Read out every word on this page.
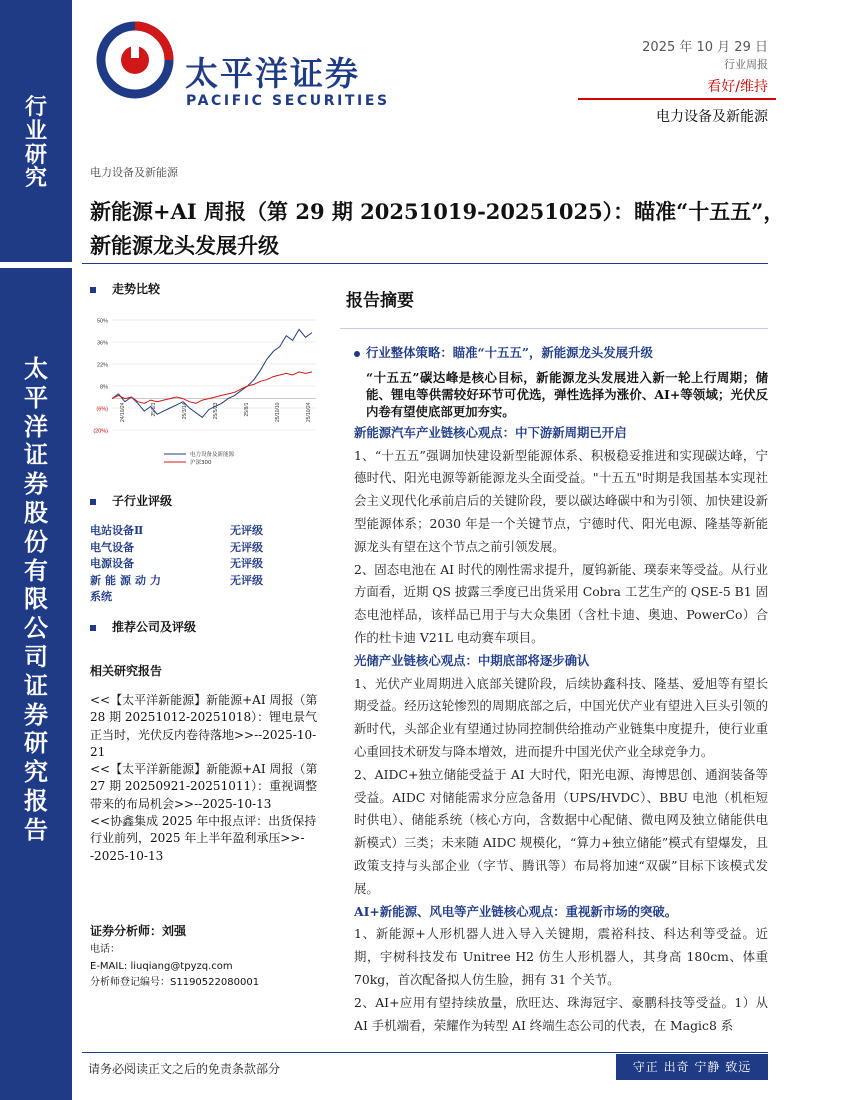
行
业
研
究
太
平
洋
证
券
股
份
有
限
公
司
证
券
研
究
报
告
太平洋证券
PACIFIC SECURITIES
2025 年 10 月 29 日
行业周报
看好/维持
电力设备及新能源
电力设备及新能源
新能源+AI 周报（第 29 期 20251019-20251025）：瞄准“十五五”，
新能源龙头发展升级
走势比较
50%
36%
22%
8%
(6%)
(20%)
24/10/24	25/1/3	25/3/14	25/5/23	25/8/1	25/10/10	25/10/24
电力设备及新能源
沪深300
子行业评级
电站设备Ⅱ	无评级
电气设备	无评级
电源设备	无评级
新能源动力	无评级
系统
推荐公司及评级
相关研究报告

<<【太平洋新能源】新能源+AI 周报（第 28 期 20251012-20251018）：锂电景气正当时，光伏反内卷待落地>>--2025-10-21

<<【太平洋新能源】新能源+AI 周报（第 27 期 20250921-20251011）：重视调整带来的布局机会>>--2025-10-13

<<协鑫集成 2025 年中报点评：出货保持行业前列，2025 年上半年盈利承压>>--2025-10-13

证券分析师：刘强
电话：
E-MAIL: liuqiang@tpyzq.com
分析师登记编号：S1190522080001
报告摘要

行业整体策略：瞄准“十五五”，新能源龙头发展升级

“十五五”碳达峰是核心目标，新能源龙头发展进入新一轮上行周期；储能、锂电等供需较好环节可优选，弹性选择为涨价、AI+等领域；光伏反内卷有望使底部更加夯实。

新能源汽车产业链核心观点：中下游新周期已开启

1、“十五五”强调加快建设新型能源体系、积极稳妥推进和实现碳达峰，宁德时代、阳光电源等新能源龙头全面受益。"十五五"时期是我国基本实现社会主义现代化承前启后的关键阶段，要以碳达峰碳中和为引领、加快建设新型能源体系；2030 年是一个关键节点，宁德时代、阳光电源、隆基等新能源龙头有望在这个节点之前引领发展。

2、固态电池在 AI 时代的刚性需求提升，厦钨新能、璞泰来等受益。从行业方面看，近期 QS 披露三季度已出货采用 Cobra 工艺生产的 QSE-5 B1 固态电池样品，该样品已用于与大众集团（含杜卡迪、奥迪、PowerCo）合作的杜卡迪 V21L 电动赛车项目。

光储产业链核心观点：中期底部将逐步确认

1、光伏产业周期进入底部关键阶段，后续协鑫科技、隆基、爱旭等有望长期受益。经历这轮惨烈的周期底部之后，中国光伏产业有望进入巨头引领的新时代，头部企业有望通过协同控制供给推动产业链集中度提升，使行业重心重回技术研发与降本增效，进而提升中国光伏产业全球竞争力。

2、AIDC+独立储能受益于 AI 大时代，阳光电源、海博思创、通润装备等受益。AIDC 对储能需求分应急备用（UPS/HVDC）、BBU 电池（机柜短时供电）、储能系统（核心方向，含数据中心配储、微电网及独立储能供电新模式）三类；未来随 AIDC 规模化，“算力+独立储能”模式有望爆发，且政策支持与头部企业（字节、腾讯等）布局将加速“双碳”目标下该模式发展。

AI+新能源、风电等产业链核心观点：重视新市场的突破。

1、新能源+人形机器人进入导入关键期，震裕科技、科达利等受益。近期，宇树科技发布 Unitree H2 仿生人形机器人，其身高 180cm、体重 70kg，首次配备拟人仿生脸，拥有 31 个关节。

2、AI+应用有望持续放量，欣旺达、珠海冠宇、豪鹏科技等受益。1）从 AI 手机端看，荣耀作为转型 AI 终端生态公司的代表，在 Magic8 系

请务必阅读正文之后的免责条款部分	守正 出奇 宁静 致远
